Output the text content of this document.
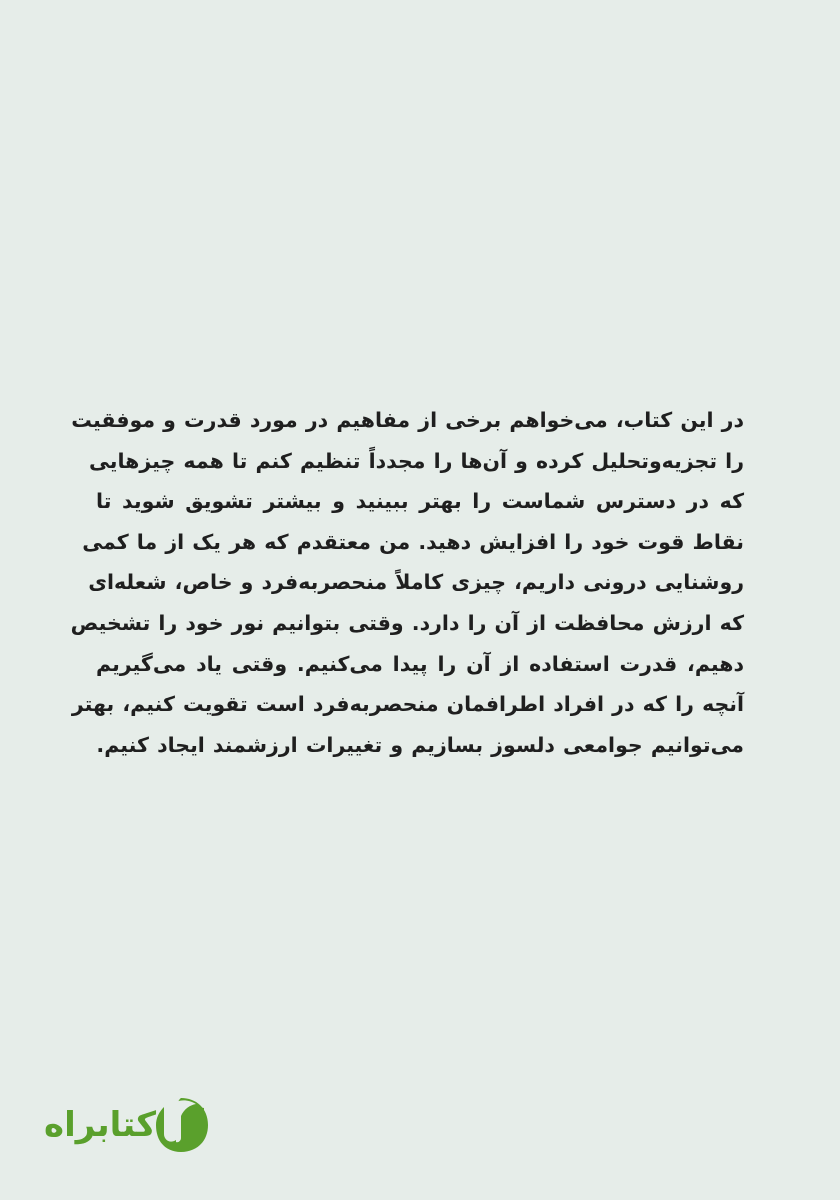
در این کتاب، می‌خواهم برخی از مفاهیم در مورد قدرت و موفقیت
را تجزیه‌وتحلیل کرده و آن‌ها را مجدداً تنظیم کنم تا همه چیزهایی
که در دسترس شماست را بهتر ببینید و بیشتر تشویق شوید تا
نقاط قوت خود را افزایش دهید. من معتقدم که هر یک از ما کمی
روشنایی درونی داریم، چیزی کاملاً منحصربه‌فرد و خاص، شعله‌ای
که ارزش محافظت از آن را دارد. وقتی بتوانیم نور خود را تشخیص
دهیم، قدرت استفاده از آن را پیدا می‌کنیم. وقتی یاد می‌گیریم
آنچه را که در افراد اطرافمان منحصربه‌فرد است تقویت کنیم، بهتر
می‌توانیم جوامعی دلسوز بسازیم و تغییرات ارزشمند ایجاد کنیم.
کتابراه
